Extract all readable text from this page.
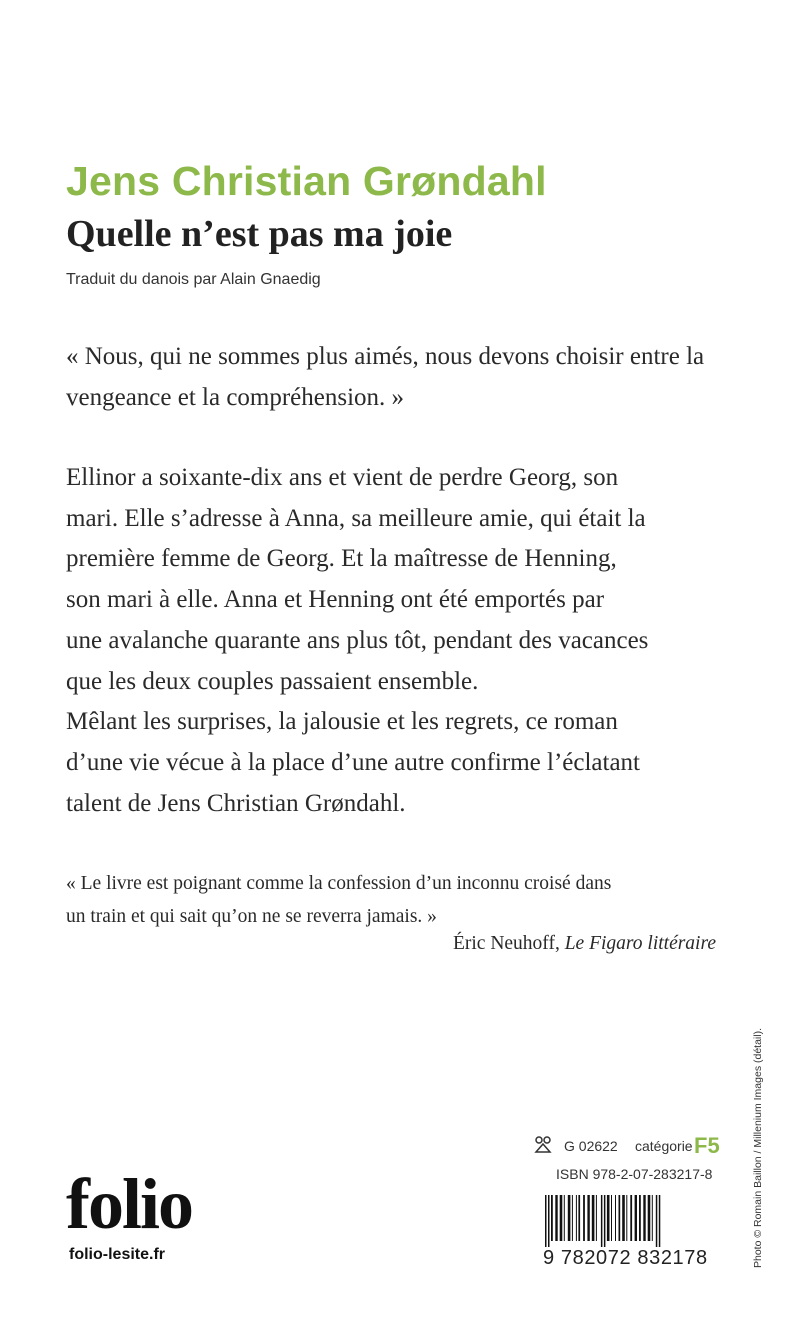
Jens Christian Grøndahl
Quelle n’est pas ma joie
Traduit du danois par Alain Gnaedig

« Nous, qui ne sommes plus aimés, nous devons choisir entre la vengeance et la compréhension. »

Ellinor a soixante-dix ans et vient de perdre Georg, son
mari. Elle s’adresse à Anna, sa meilleure amie, qui était la
première femme de Georg. Et la maîtresse de Henning,
son mari à elle. Anna et Henning ont été emportés par
une avalanche quarante ans plus tôt, pendant des vacances
que les deux couples passaient ensemble.
Mêlant les surprises, la jalousie et les regrets, ce roman
d’une vie vécue à la place d’une autre confirme l’éclatant
talent de Jens Christian Grøndahl.

« Le livre est poignant comme la confession d’un inconnu croisé dans
un train et qui sait qu’on ne se reverra jamais. »

Éric Neuhoff, Le Figaro littéraire
Photo © Romain Baillon / Millenium Images (détail).
G 02622 catégorie F5
ISBN 978-2-07-283217-8
9 782072 832178
folio
folio-lesite.fr
